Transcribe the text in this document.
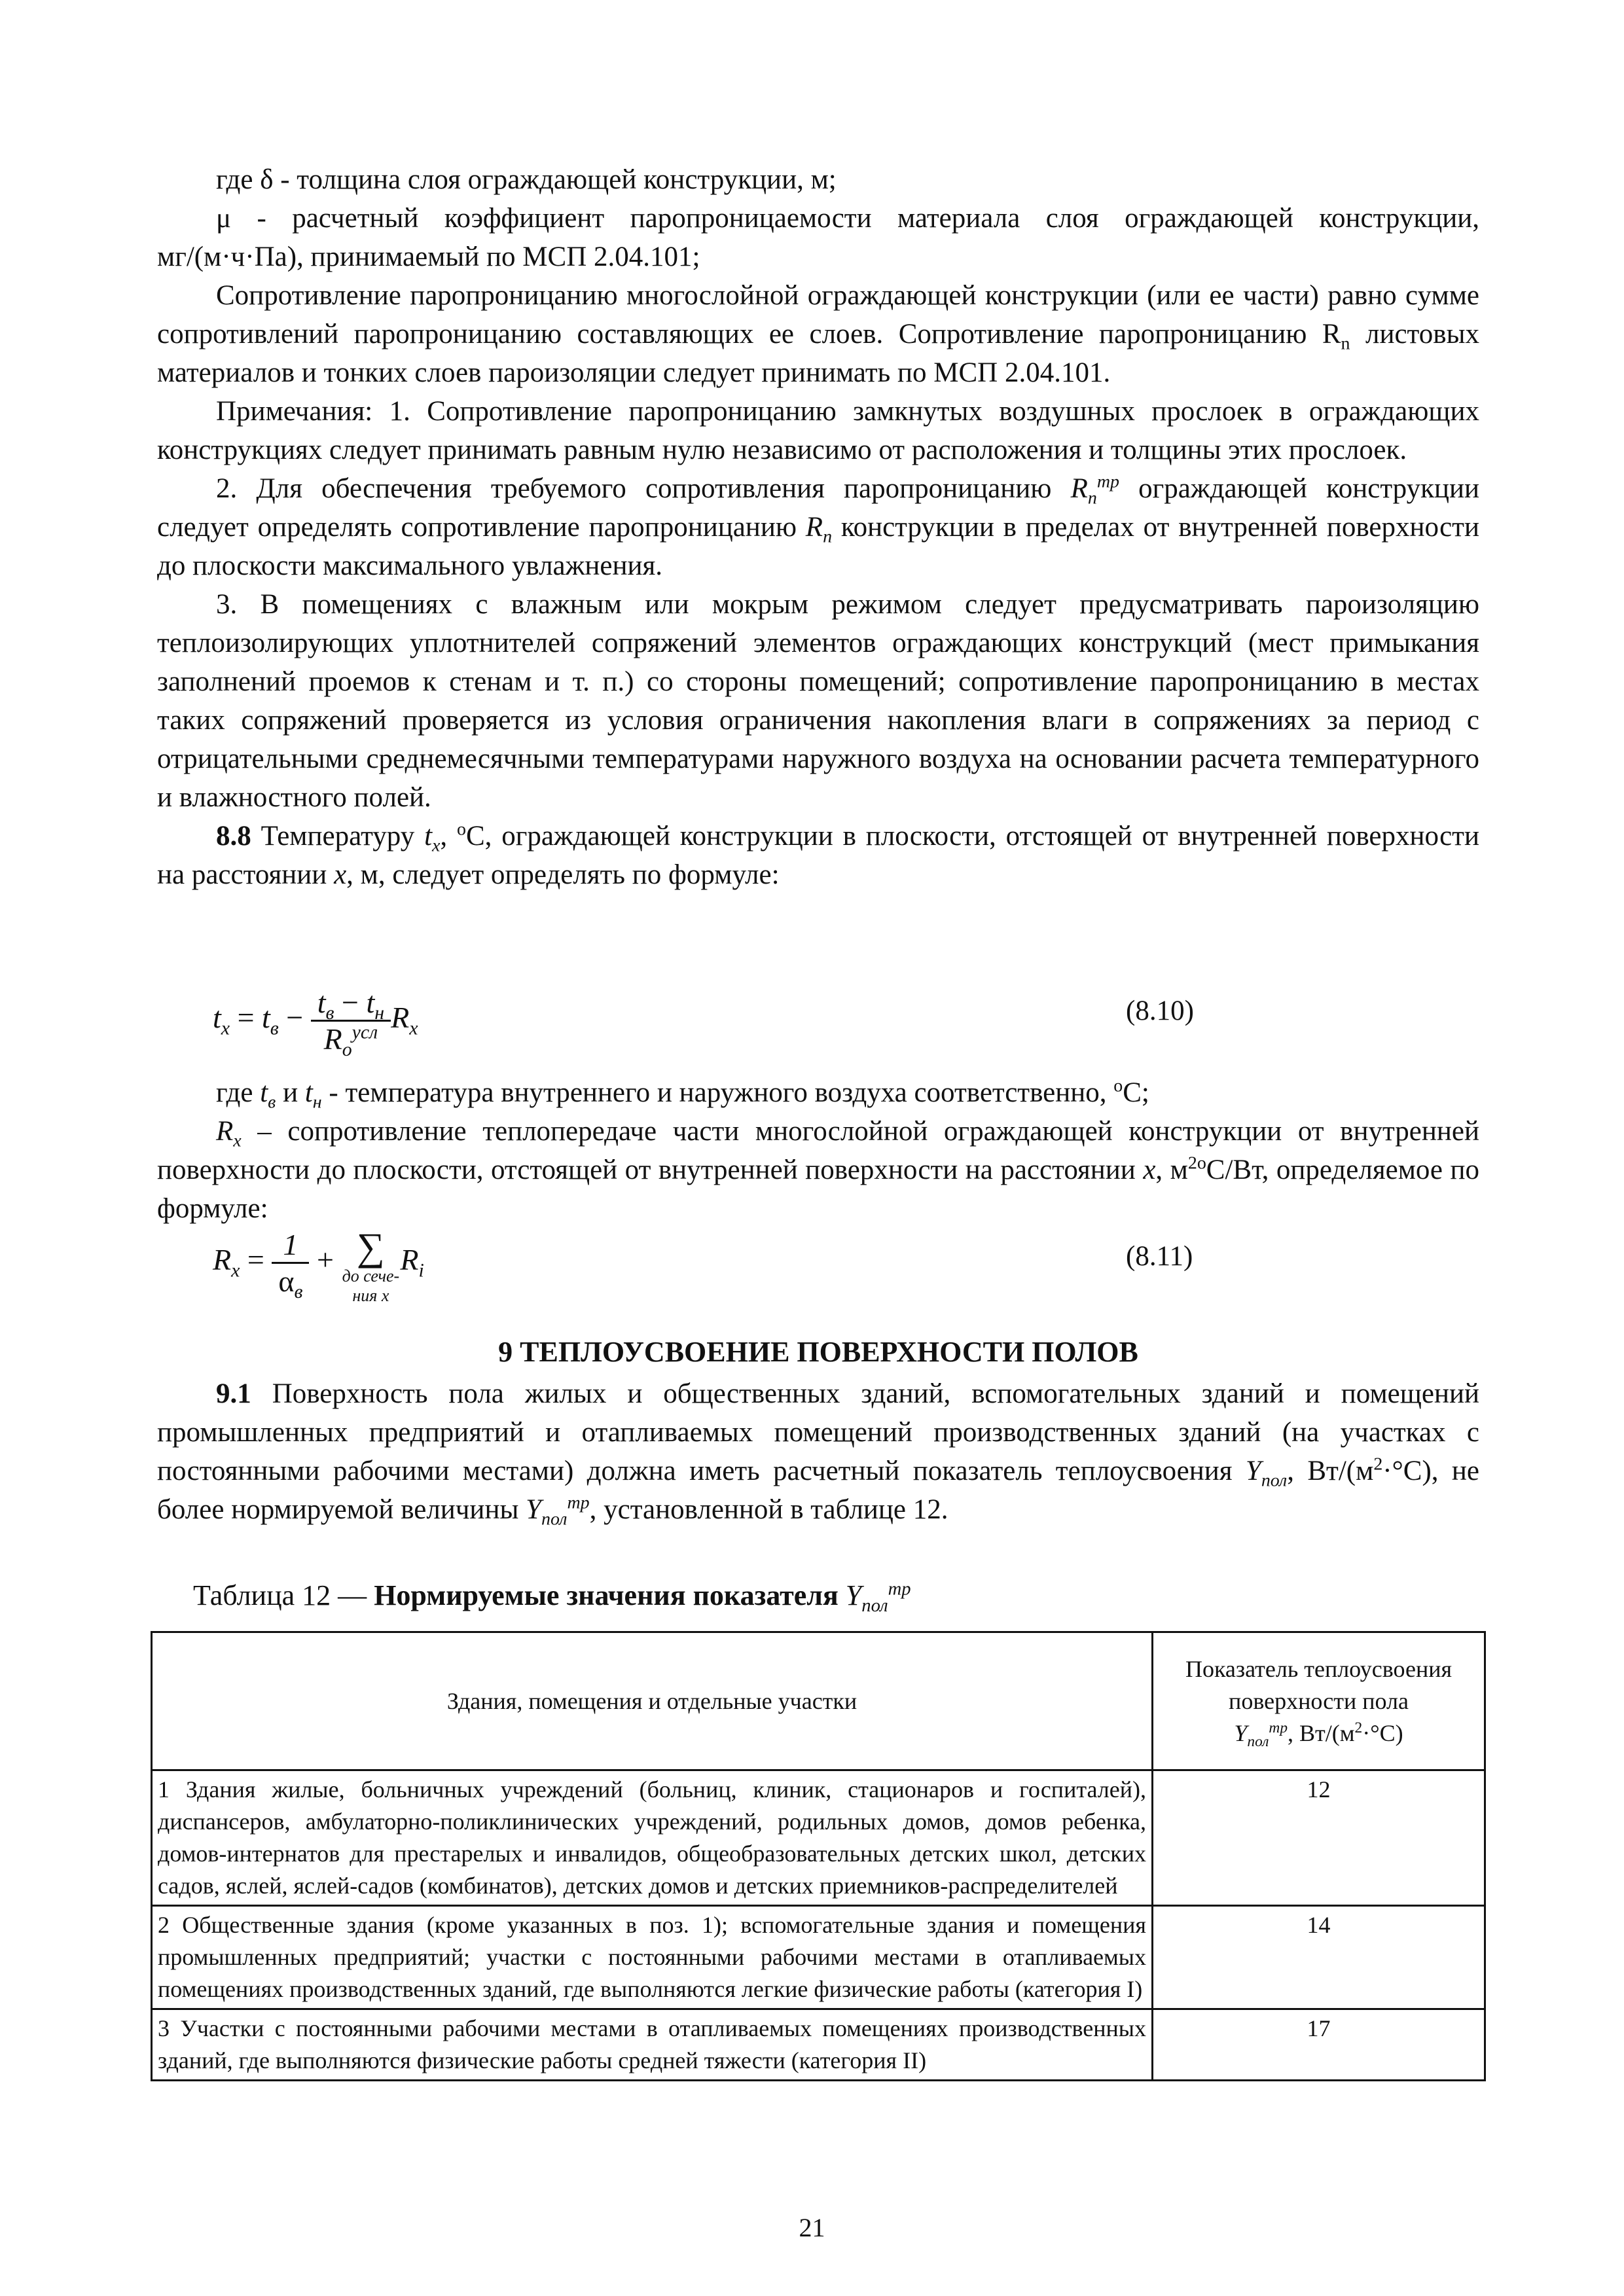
где δ - толщина слоя ограждающей конструкции, м;

μ - расчетный коэффициент паропроницаемости материала слоя ограждающей конструкции, мг/(м·ч·Па), принимаемый по МСП 2.04.101;

Сопротивление паропроницанию многослойной ограждающей конструкции (или ее части) равно сумме сопротивлений паропроницанию составляющих ее слоев. Сопротивление паропроницанию $R_n$ листовых материалов и тонких слоев пароизоляции следует принимать по МСП 2.04.101.

Примечания: 1. Сопротивление паропроницанию замкнутых воздушных прослоек в ограждающих конструкциях следует принимать равным нулю независимо от расположения и толщины этих прослоек.

2. Для обеспечения требуемого сопротивления паропроницанию $R_n^{тр}$ ограждающей конструкции следует определять сопротивление паропроницанию $R_n$ конструкции в пределах от внутренней поверхности до плоскости максимального увлажнения.

3. В помещениях с влажным или мокрым режимом следует предусматривать пароизоляцию теплоизолирующих уплотнителей сопряжений элементов ограждающих конструкций (мест примыкания заполнений проемов к стенам и т. п.) со стороны помещений; сопротивление паропроницанию в местах таких сопряжений проверяется из условия ограничения накопления влаги в сопряжениях за период с отрицательными среднемесячными температурами наружного воздуха на основании расчета температурного и влажностного полей.

8.8 Температуру $t_x$, $^o$С, ограждающей конструкции в плоскости, отстоящей от внутренней поверхности на расстоянии x, м, следует определять по формуле:

$t_x = t_в - \frac{t_в - t_н}{R_o^{усл}} R_x$
(8.10)

где $t_в$ и $t_н$ - температура внутреннего и наружного воздуха соответственно, $^o$С;

$R_x$ – сопротивление теплопередаче части многослойной ограждающей конструкции от внутренней поверхности до плоскости, отстоящей от внутренней поверхности на расстоянии x, $м^{2о}С/Вт$, определяемое по формуле:

$R_x = \frac{1}{\alpha_в}$ + ∑
до сече-ния x
$R_i$	(8.11)
9 ТЕПЛОУСВОЕНИЕ ПОВЕРХНОСТИ ПОЛОВ

9.1 Поверхность пола жилых и общественных зданий, вспомогательных зданий и помещений промышленных предприятий и отапливаемых помещений производственных зданий (на участках с постоянными рабочими местами) должна иметь расчетный показатель теплоусвоения $Y_{пол}$, $Вт/(м^2\cdot^\circ С)$, не более нормируемой величины $Y_{пол}^{тр}$, установленной в таблице 12.

Таблица 12 — Нормируемые значения показателя $Y_{пол}^{тр}$
Здания, помещения и отдельные участки	Показатель теплоусвоения поверхности пола
$Y_{пол}^{тр}$, $Вт/(м^2\cdot^\circ С)$
1 Здания жилые, больничных учреждений (больниц, клиник, стационаров и госпиталей), диспансеров, амбулаторно-поликлинических учреждений, родильных домов, домов ребенка, домов-интернатов для престарелых и инвалидов, общеобразовательных детских школ, детских садов, яслей, яслей-садов (комбинатов), детских домов и детских приемников-распределителей	12
2 Общественные здания (кроме указанных в поз. 1); вспомогательные здания и помещения промышленных предприятий; участки с постоянными рабочими местами в отапливаемых помещениях производственных зданий, где выполняются легкие физические работы (категория I)	14
3 Участки с постоянными рабочими местами в отапливаемых помещениях производственных зданий, где выполняются физические работы средней тяжести (категория II)	17
21
